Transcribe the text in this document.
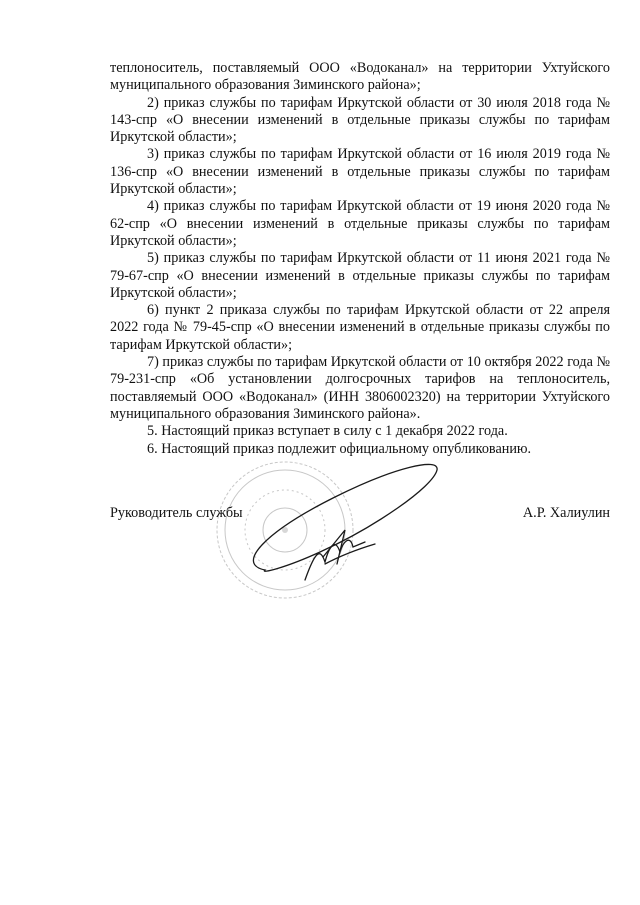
теплоноситель, поставляемый ООО «Водоканал» на территории Ухтуйского муниципального образования Зиминского района»;

2) приказ службы по тарифам Иркутской области от 30 июля 2018 года № 143-спр «О внесении изменений в отдельные приказы службы по тарифам Иркутской области»;

3) приказ службы по тарифам Иркутской области от 16 июля 2019 года № 136-спр «О внесении изменений в отдельные приказы службы по тарифам Иркутской области»;

4) приказ службы по тарифам Иркутской области от 19 июня 2020 года № 62-спр «О внесении изменений в отдельные приказы службы по тарифам Иркутской области»;

5) приказ службы по тарифам Иркутской области от 11 июня 2021 года № 79-67-спр «О внесении изменений в отдельные приказы службы по тарифам Иркутской области»;

6) пункт 2 приказа службы по тарифам Иркутской области от 22 апреля 2022 года № 79-45-спр «О внесении изменений в отдельные приказы службы по тарифам Иркутской области»;

7) приказ службы по тарифам Иркутской области от 10 октября 2022 года № 79-231-спр «Об установлении долгосрочных тарифов на теплоноситель, поставляемый ООО «Водоканал» (ИНН 3806002320) на территории Ухтуйского муниципального образования Зиминского района».

5. Настоящий приказ вступает в силу с 1 декабря 2022 года.

6. Настоящий приказ подлежит официальному опубликованию.

Руководитель службы	А.Р. Халиулин
